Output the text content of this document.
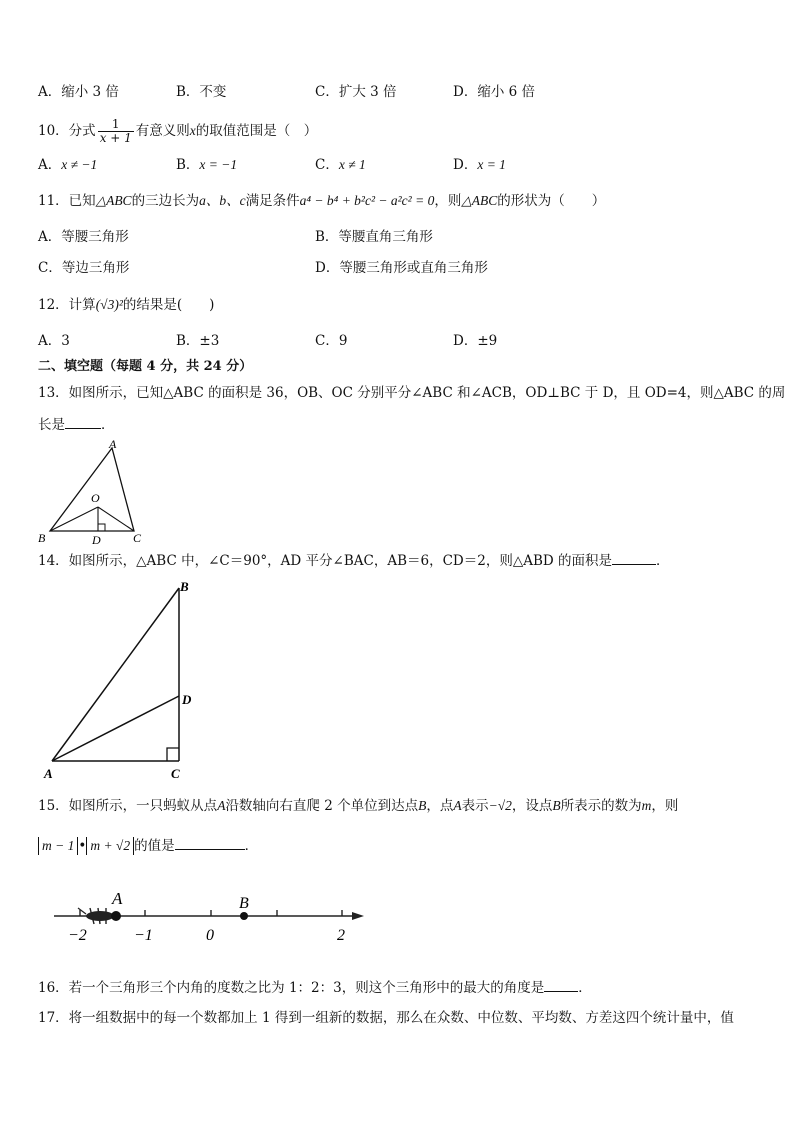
A．缩小 3 倍	B．不变	C．扩大 3 倍	D．缩小 6 倍
10．分式 $\frac{1}{x + 1}$ 有意义则x的取值范围是（　）
A．x ≠ −1	B．x = −1	C．x ≠ 1	D．x = 1
11．已知△ABC的三边长为a、b、c满足条件a⁴ − b⁴ + b²c² − a²c² = 0，则△ABC的形状为（　　）
A．等腰三角形	B．等腰直角三角形
C．等边三角形	D．等腰三角形或直角三角形
12．计算(√3)²的结果是(　　)
A．3	B．±3	C．9	D．±9
二、填空题（每题 4 分，共 24 分）
13．如图所示，已知△ABC 的面积是 36，OB、OC 分别平分∠ABC 和∠ACB，OD⊥BC 于 D，且 OD=4，则△ABC 的周
长是	．
A
O
B	D	C
14．如图所示，△ABC 中，∠C＝90°，AD 平分∠BAC，AB＝6，CD＝2，则△ABD 的面积是	．
B
D
A	C
15．如图所示，一只蚂蚁从点A沿数轴向右直爬 2 个单位到达点B，点A表示−√2，设点B所表示的数为m，则
m − 1 • m + √2 的值是	．
A	B
−2	−1	0	2
16．若一个三角形三个内角的度数之比为 1：2：3，则这个三角形中的最大的角度是	．
17．将一组数据中的每一个数都加上 1 得到一组新的数据，那么在众数、中位数、平均数、方差这四个统计量中，值
